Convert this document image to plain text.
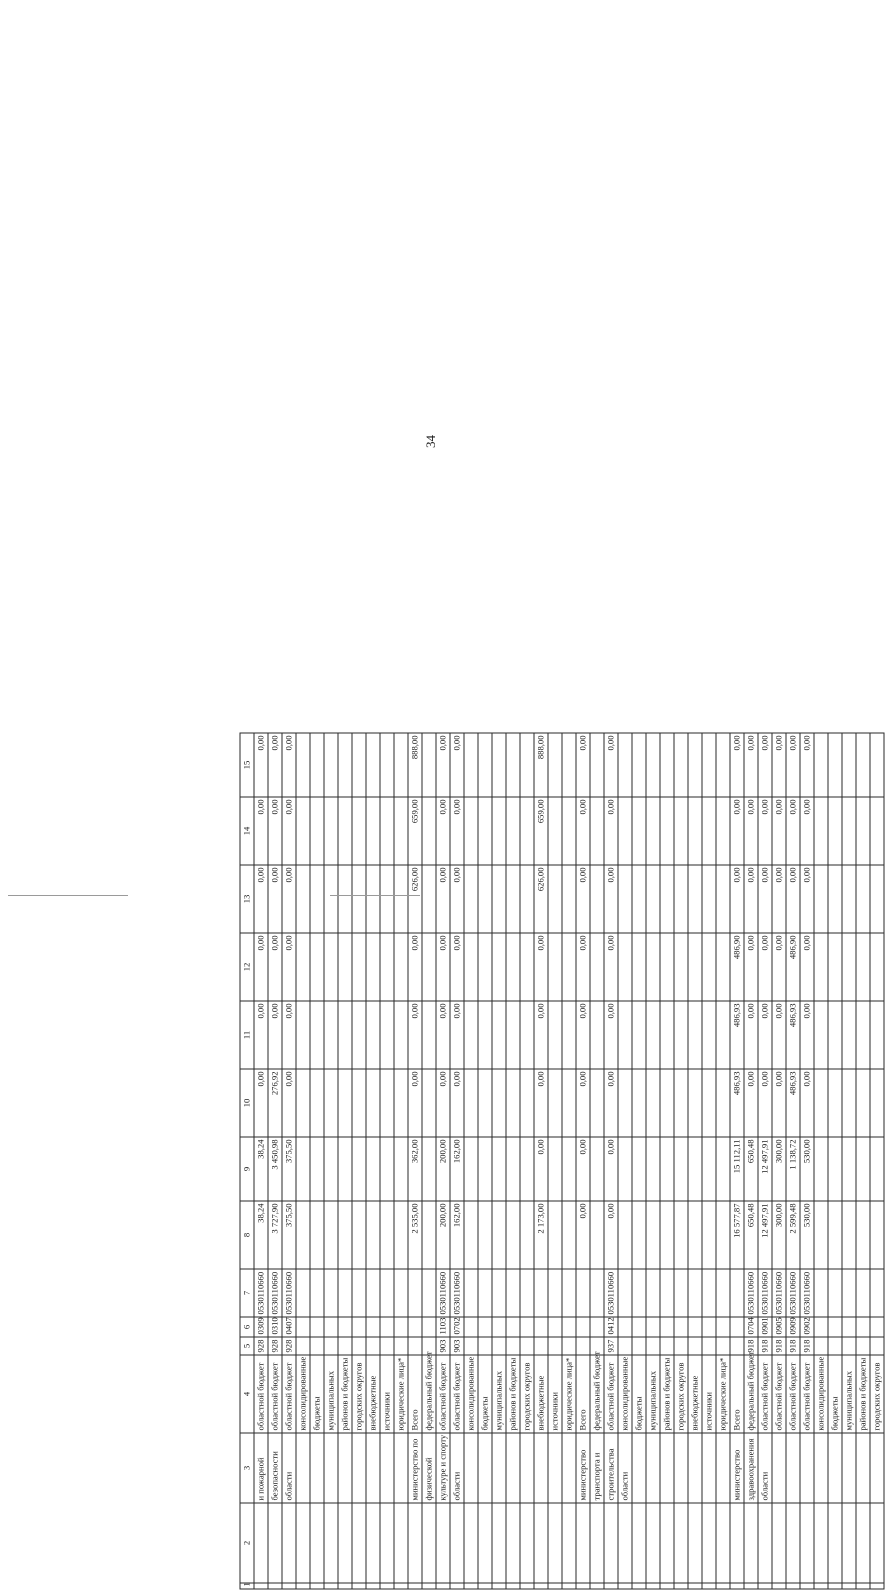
34
1	2	3	4	5	6	7	8	9	10	11	12	13	14	15
		и пожарной	областной бюджет	928	0309	0530110660	38,24	38,24	0,00	0,00	0,00	0,00	0,00	0,00
		безопасности	областной бюджет	928	0310	0530110660	3 727,90	3 450,98	276,92	0,00	0,00	0,00	0,00	0,00
		области	областной бюджет	928	0407	0530110660	375,50	375,50	0,00	0,00	0,00	0,00	0,00	0,00
			консолидированные											
			бюджеты											
			муниципальных											
			районов и бюджеты											
			городских округов											
			внебюджетные											
			источники											
			юридические лица*											
		министерство по	Всего				2 535,00	362,00	0,00	0,00	0,00	626,00	659,00	888,00
		физической	федеральный бюджет											
		культуре и спорту	областной бюджет	903	1103	0530110660	200,00	200,00	0,00	0,00	0,00	0,00	0,00	0,00
		области	областной бюджет	903	0702	0530110660	162,00	162,00	0,00	0,00	0,00	0,00	0,00	0,00
			консолидированные											
			бюджеты											
			муниципальных											
			районов и бюджеты											
			городских округов											
			внебюджетные				2 173,00	0,00	0,00	0,00	0,00	626,00	659,00	888,00
			источники											
			юридические лица*											
		министерство	Всего				0,00	0,00	0,00	0,00	0,00	0,00	0,00	0,00
		транспорта и	федеральный бюджет											
		строительства	областной бюджет	937	0412	0530110660	0,00	0,00	0,00	0,00	0,00	0,00	0,00	0,00
		области	консолидированные											
			бюджеты											
			муниципальных											
			районов и бюджеты											
			городских округов											
			внебюджетные											
			источники											
			юридические лица*											
		министерство	Всего				16 577,87	15 112,11	486,93	486,93	486,90	0,00	0,00	0,00
		здравоохранения	федеральный бюджет	918	0704	0530110660	650,48	650,48	0,00	0,00	0,00	0,00	0,00	0,00
		области	областной бюджет	918	0901	0530110660	12 497,91	12 497,91	0,00	0,00	0,00	0,00	0,00	0,00
			областной бюджет	918	0905	0530110660	300,00	300,00	0,00	0,00	0,00	0,00	0,00	0,00
			областной бюджет	918	0909	0530110660	2 599,48	1 138,72	486,93	486,93	486,90	0,00	0,00	0,00
			областной бюджет	918	0902	0530110660	530,00	530,00	0,00	0,00	0,00	0,00	0,00	0,00
			консолидированные											
			бюджеты											
			муниципальных											
			районов и бюджеты											
			городских округов											
